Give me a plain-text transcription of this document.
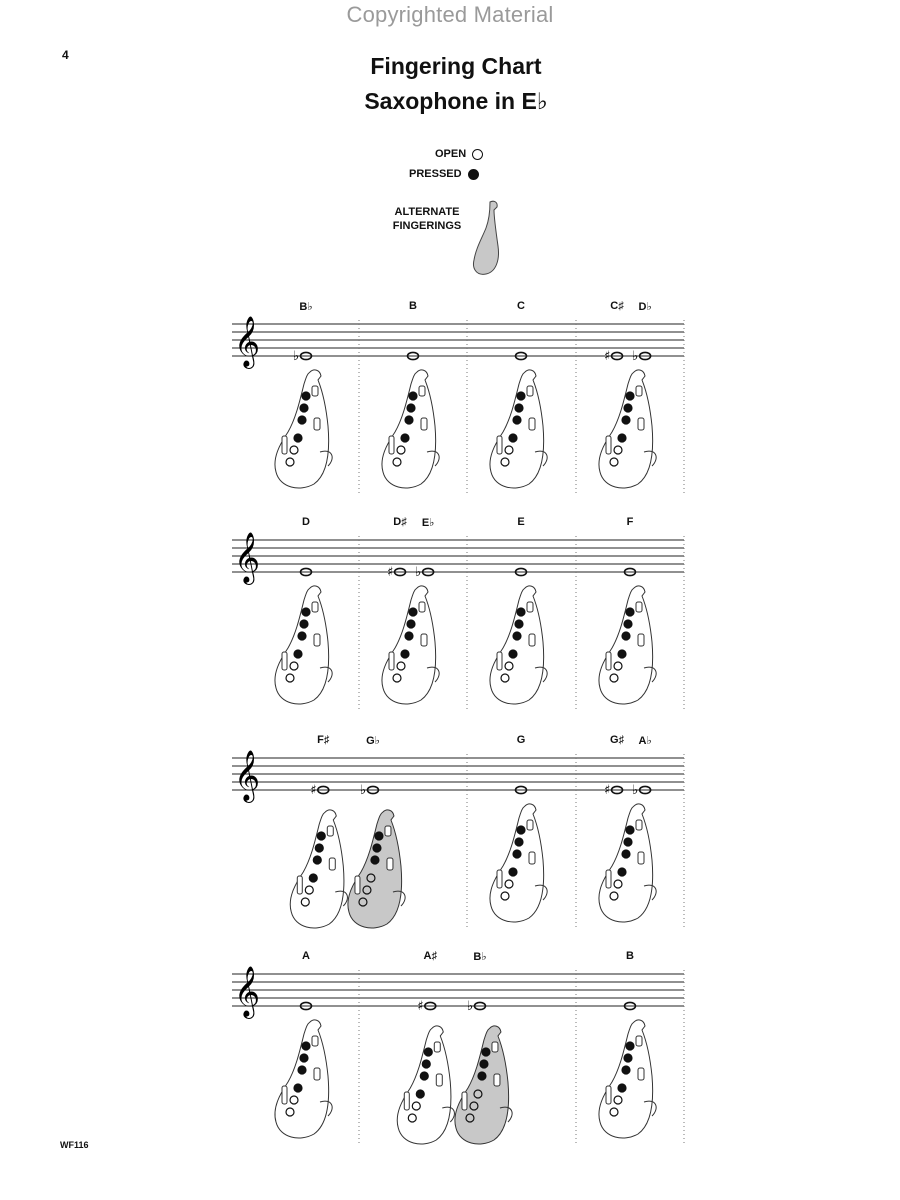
Copyrighted Material
4	Fingering Chart
Saxophone in E♭
OPEN
PRESSED
ALTERNATE FINGERINGS
𝄞	♭	♯ ♭
B♭	B	C	C♯	D♭
𝄞	♯ ♭
D	D♯	E♭	E	F
𝄞	♯	♭	♯ ♭
F♯	G♭	G	G♯	A♭
𝄞	♯	♭
A	A♯	B♭	B
WF116
